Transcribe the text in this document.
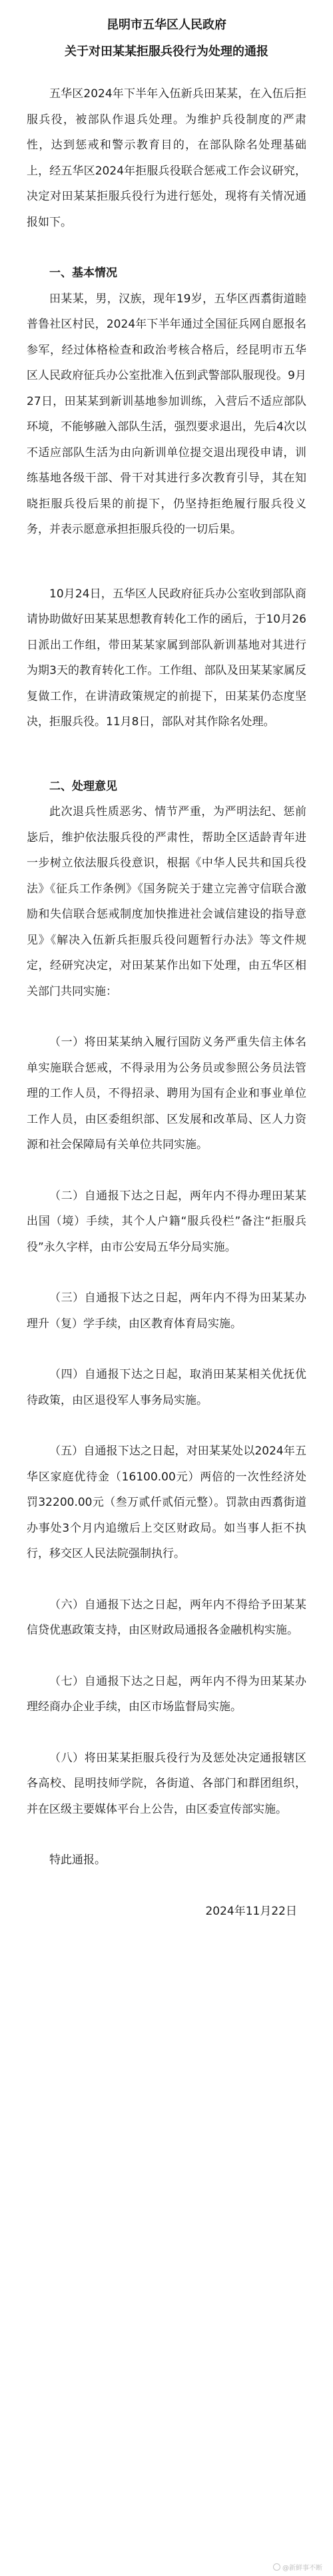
昆明市五华区人民政府

关于对田某某拒服兵役行为处理的通报

五华区2024年下半年入伍新兵田某某，在入伍后拒服兵役，被部队作退兵处理。为维护兵役制度的严肃性，达到惩戒和警示教育目的，在部队除名处理基础上，经五华区2024年拒服兵役联合惩戒工作会议研究，决定对田某某拒服兵役行为进行惩处，现将有关情况通报如下。

一、基本情况

田某某，男，汉族，现年19岁，五华区西翥街道睦普鲁社区村民，2024年下半年通过全国征兵网自愿报名参军，经过体格检查和政治考核合格后，经昆明市五华区人民政府征兵办公室批准入伍到武警部队服现役。9月27日，田某某到新训基地参加训练，入营后不适应部队环境，不能够融入部队生活，强烈要求退出，先后4次以不适应部队生活为由向新训单位提交退出现役申请，训练基地各级干部、骨干对其进行多次教育引导，其在知晓拒服兵役后果的前提下，仍坚持拒绝履行服兵役义务，并表示愿意承担拒服兵役的一切后果。

10月24日，五华区人民政府征兵办公室收到部队商请协助做好田某某思想教育转化工作的函后，于10月26日派出工作组，带田某某家属到部队新训基地对其进行为期3天的教育转化工作。工作组、部队及田某某家属反复做工作，在讲清政策规定的前提下，田某某仍态度坚决，拒服兵役。11月8日，部队对其作除名处理。

二、处理意见

此次退兵性质恶劣、情节严重，为严明法纪、惩前毖后，维护依法服兵役的严肃性，帮助全区适龄青年进一步树立依法服兵役意识，根据《中华人民共和国兵役法》《征兵工作条例》《国务院关于建立完善守信联合激励和失信联合惩戒制度加快推进社会诚信建设的指导意见》《解决入伍新兵拒服兵役问题暂行办法》等文件规定，经研究决定，对田某某作出如下处理，由五华区相关部门共同实施：

（一）将田某某纳入履行国防义务严重失信主体名单实施联合惩戒，不得录用为公务员或参照公务员法管理的工作人员，不得招录、聘用为国有企业和事业单位工作人员，由区委组织部、区发展和改革局、区人力资源和社会保障局有关单位共同实施。

（二）自通报下达之日起，两年内不得办理田某某出国（境）手续，其个人户籍“服兵役栏”备注“拒服兵役”永久字样，由市公安局五华分局实施。

（三）自通报下达之日起，两年内不得为田某某办理升（复）学手续，由区教育体育局实施。

（四）自通报下达之日起，取消田某某相关优抚优待政策，由区退役军人事务局实施。

（五）自通报下达之日起，对田某某处以2024年五华区家庭优待金（16100.00元）两倍的一次性经济处罚32200.00元（叁万贰仟贰佰元整）。罚款由西翥街道办事处3个月内追缴后上交区财政局。如当事人拒不执行，移交区人民法院强制执行。

（六）自通报下达之日起，两年内不得给予田某某信贷优惠政策支持，由区财政局通报各金融机构实施。

（七）自通报下达之日起，两年内不得为田某某办理经商办企业手续，由区市场监督局实施。

（八）将田某某拒服兵役行为及惩处决定通报辖区各高校、昆明技师学院，各街道、各部门和群团组织，并在区级主要媒体平台上公告，由区委宣传部实施。

特此通报。

2024年11月22日

@新鲜事不断
